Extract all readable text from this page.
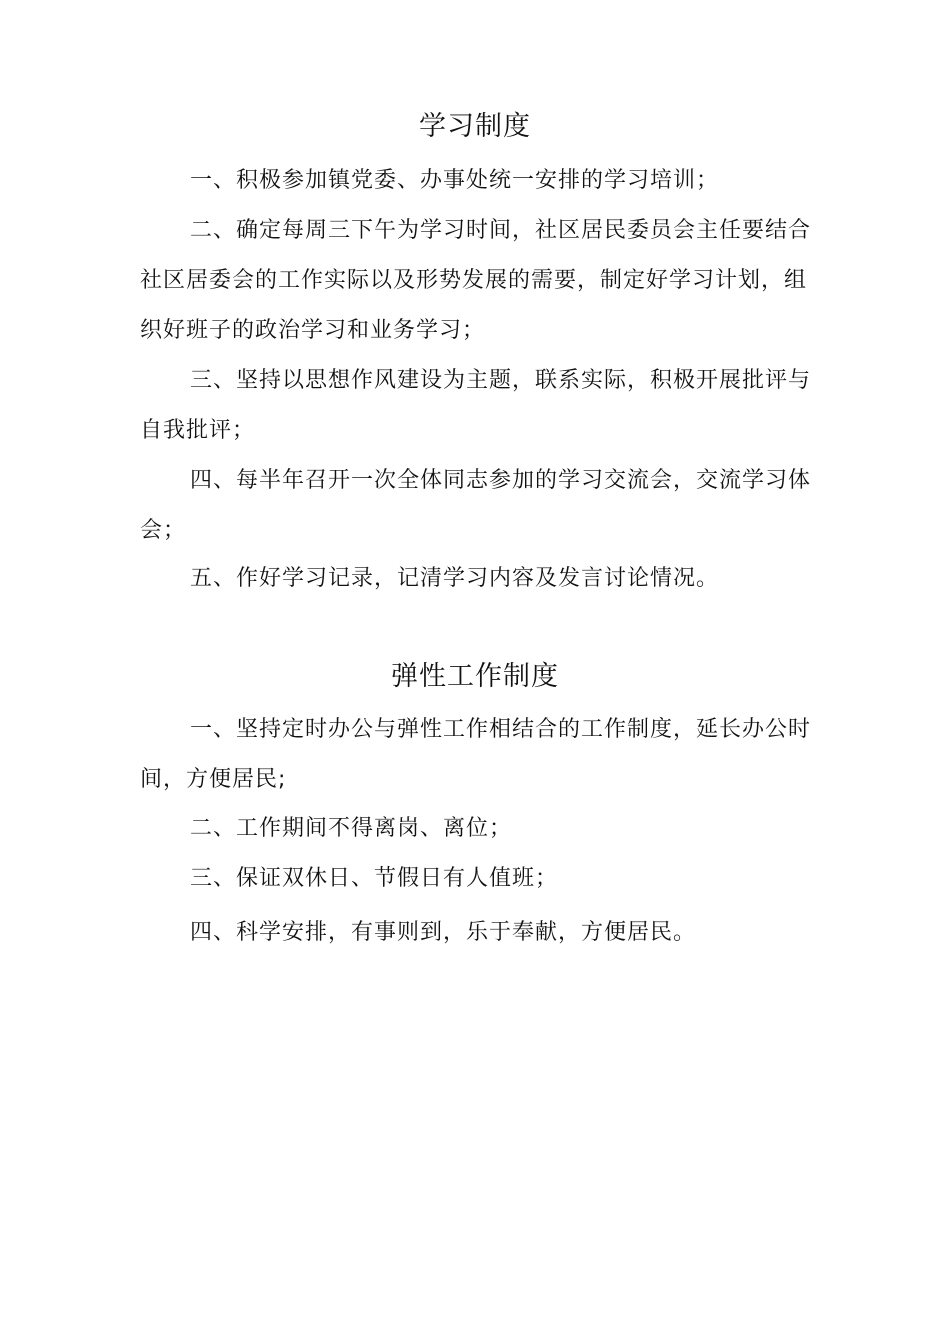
学习制度

一、积极参加镇党委、办事处统一安排的学习培训；

二、确定每周三下午为学习时间，社区居民委员会主任要结合社区居委会的工作实际以及形势发展的需要，制定好学习计划，组织好班子的政治学习和业务学习；

三、坚持以思想作风建设为主题，联系实际，积极开展批评与自我批评；

四、每半年召开一次全体同志参加的学习交流会，交流学习体会；

五、作好学习记录，记清学习内容及发言讨论情况。

弹性工作制度

一、坚持定时办公与弹性工作相结合的工作制度，延长办公时间，方便居民;

二、工作期间不得离岗、离位；

三、保证双休日、节假日有人值班；

四、科学安排，有事则到，乐于奉献，方便居民。
